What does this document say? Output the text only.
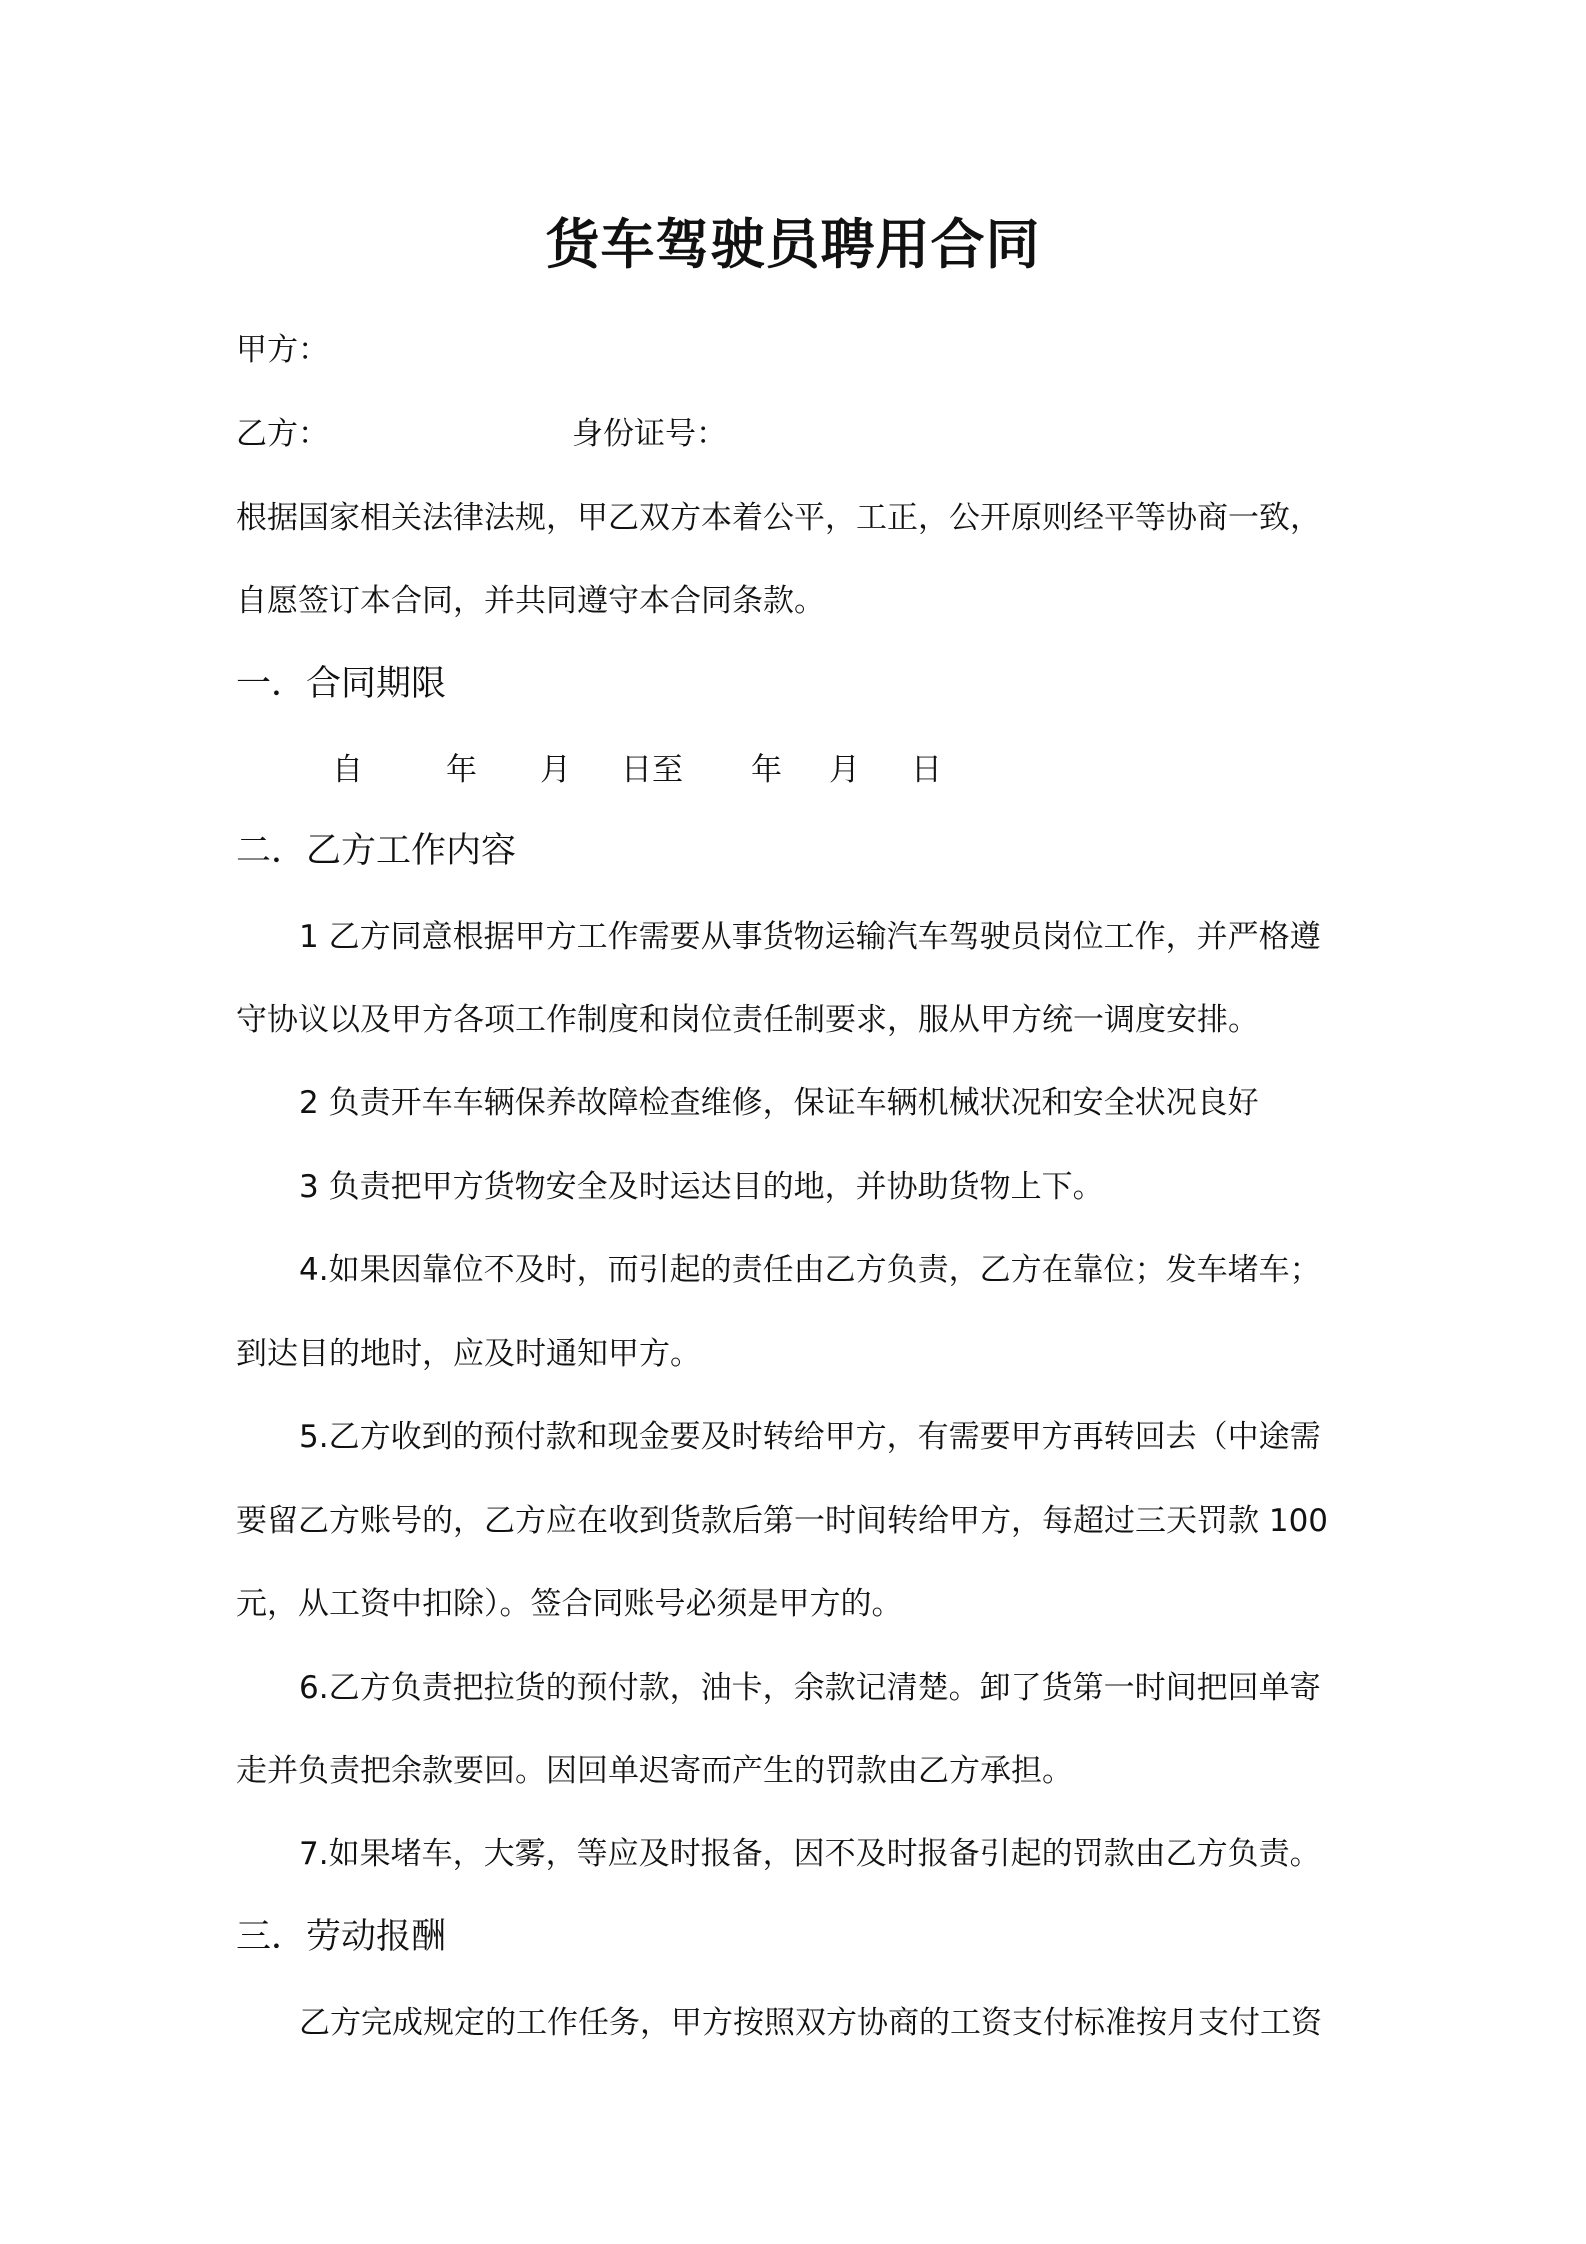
货车驾驶员聘用合同
甲方：
乙方：	身份证号：
根据国家相关法律法规，甲乙双方本着公平，工正，公开原则经平等协商一致，
自愿签订本合同，并共同遵守本合同条款。
一．合同期限
自	年 月 日至 年 月 日
二．乙方工作内容
1 乙方同意根据甲方工作需要从事货物运输汽车驾驶员岗位工作，并严格遵
守协议以及甲方各项工作制度和岗位责任制要求，服从甲方统一调度安排。
2 负责开车车辆保养故障检查维修，保证车辆机械状况和安全状况良好
3 负责把甲方货物安全及时运达目的地，并协助货物上下。
4.如果因靠位不及时，而引起的责任由乙方负责，乙方在靠位；发车堵车；
到达目的地时，应及时通知甲方。
5.乙方收到的预付款和现金要及时转给甲方，有需要甲方再转回去（中途需
要留乙方账号的，乙方应在收到货款后第一时间转给甲方，每超过三天罚款 100
元，从工资中扣除）。签合同账号必须是甲方的。
6.乙方负责把拉货的预付款，油卡，余款记清楚。卸了货第一时间把回单寄
走并负责把余款要回。因回单迟寄而产生的罚款由乙方承担。
7.如果堵车，大雾，等应及时报备，因不及时报备引起的罚款由乙方负责。
三．劳动报酬
乙方完成规定的工作任务，甲方按照双方协商的工资支付标准按月支付工资
